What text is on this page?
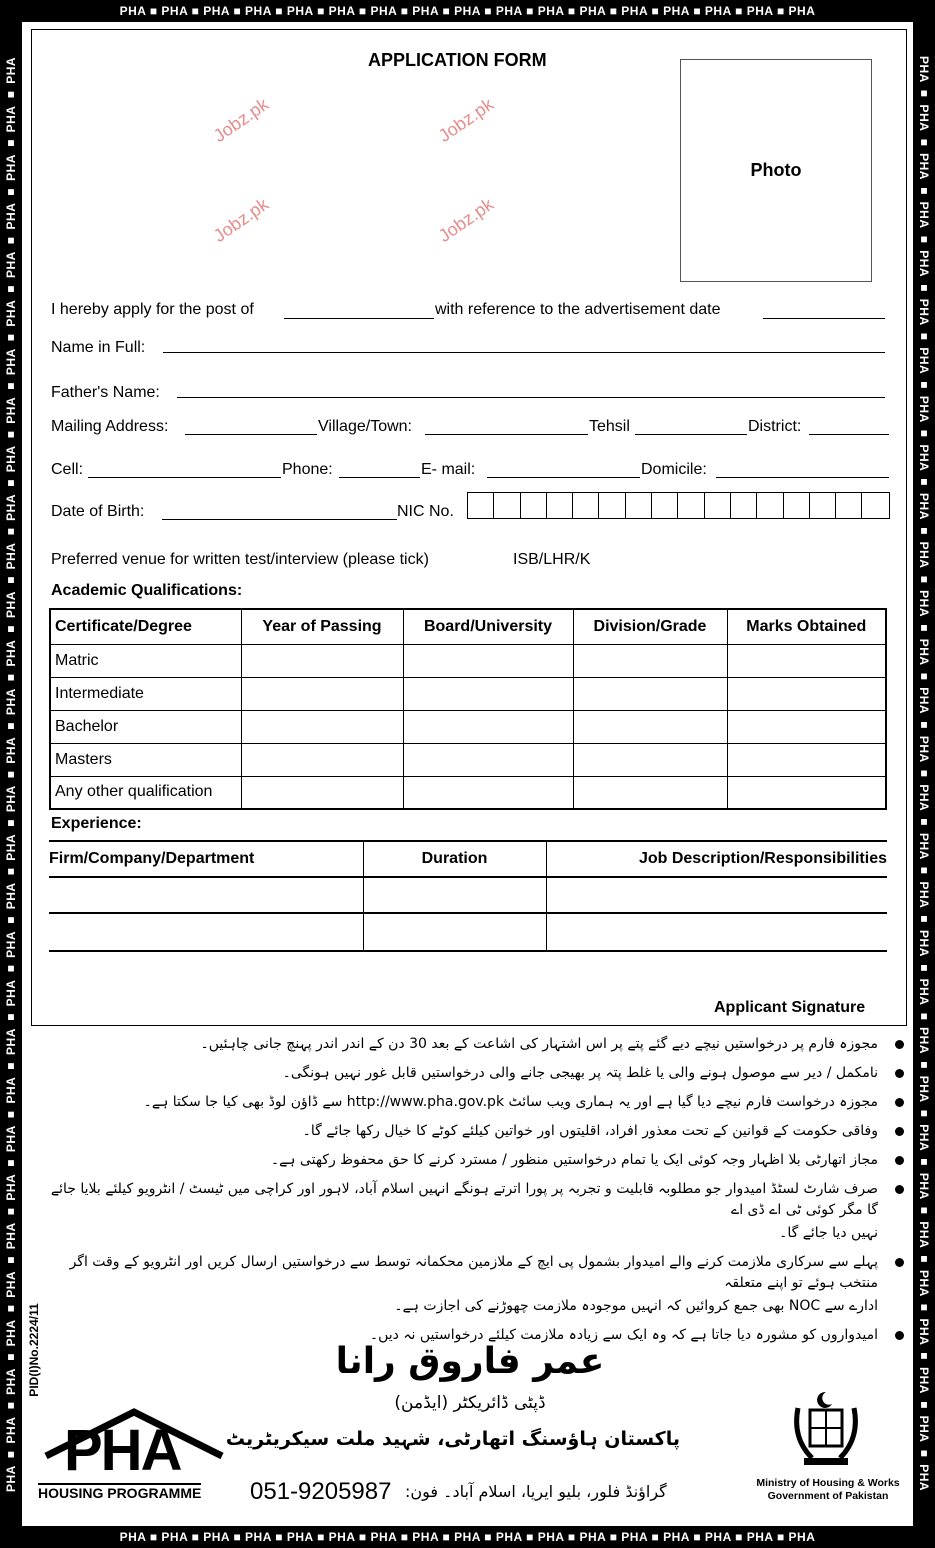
PHA ■ PHA ■ PHA ■ PHA ■ PHA ■ PHA ■ PHA ■ PHA ■ PHA ■ PHA ■ PHA ■ PHA ■ PHA ■ PHA ■ PHA ■ PHA ■ PHA
PHA ■ PHA ■ PHA ■ PHA ■ PHA ■ PHA ■ PHA ■ PHA ■ PHA ■ PHA ■ PHA ■ PHA ■ PHA ■ PHA ■ PHA ■ PHA ■ PHA
PHA ■ PHA ■ PHA ■ PHA ■ PHA ■ PHA ■ PHA ■ PHA ■ PHA ■ PHA ■ PHA ■ PHA ■ PHA ■ PHA ■ PHA ■ PHA ■ PHA ■ PHA ■ PHA ■ PHA ■ PHA ■ PHA ■ PHA ■ PHA ■ PHA ■ PHA ■ PHA ■ PHA ■ PHA ■ PHA	PHA ■ PHA ■ PHA ■ PHA ■ PHA ■ PHA ■ PHA ■ PHA ■ PHA ■ PHA ■ PHA ■ PHA ■ PHA ■ PHA ■ PHA ■ PHA ■ PHA ■ PHA ■ PHA ■ PHA ■ PHA ■ PHA ■ PHA ■ PHA ■ PHA ■ PHA ■ PHA ■ PHA ■ PHA ■ PHA
APPLICATION FORM
Photo
I hereby apply for the post of	with reference to the advertisement date
Name in Full:
Father's Name:
Mailing Address:	Village/Town:	Tehsil	District:
Cell:	Phone:	E- mail:	Domicile:
Date of Birth:	NIC No.
Preferred venue for written test/interview (please tick)	ISB/LHR/K
Academic Qualifications:
Certificate/Degree	Year of Passing	Board/University	Division/Grade	Marks Obtained
Matric				
Intermediate				
Bachelor				
Masters				
Any other qualification				
Experience:
Firm/Company/Department	Duration	Job Description/Responsibilities

Applicant Signature
مجوزہ فارم پر درخواستیں نیچے دیے گئے پتے پر اس اشتہار کی اشاعت کے بعد 30 دن کے اندر اندر پہنچ جانی چاہئیں۔
نامکمل / دیر سے موصول ہونے والی یا غلط پتہ پر بھیجی جانے والی درخواستیں قابل غور نہیں ہونگی۔
مجوزہ درخواست فارم نیچے دیا گیا ہے اور یہ ہماری ویب سائٹ http://www.pha.gov.pk سے ڈاؤن لوڈ بھی کیا جا سکتا ہے۔
وفاقی حکومت کے قوانین کے تحت معذور افراد، اقلیتوں اور خواتین کیلئے کوٹے کا خیال رکھا جائے گا۔
مجاز اتھارٹی بلا اظہار وجہ کوئی ایک یا تمام درخواستیں منظور / مسترد کرنے کا حق محفوظ رکھتی ہے۔
صرف شارٹ لسٹڈ امیدوار جو مطلوبہ قابلیت و تجربہ پر پورا اترتے ہونگے انہیں اسلام آباد، لاہور اور کراچی میں ٹیسٹ / انٹرویو کیلئے بلایا جائے گا مگر کوئی ٹی اے ڈی اے
نہیں دیا جائے گا۔
پہلے سے سرکاری ملازمت کرنے والے امیدوار بشمول پی ایچ کے ملازمین محکمانہ توسط سے درخواستیں ارسال کریں اور انٹرویو کے وقت اگر منتخب ہوئے تو اپنے متعلقہ
ادارے سے NOC بھی جمع کروائیں کہ انہیں موجودہ ملازمت چھوڑنے کی اجازت ہے۔
امیدواروں کو مشورہ دیا جاتا ہے کہ وہ ایک سے زیادہ ملازمت کیلئے درخواستیں نہ دیں۔
PID(I)No.2224/11	عمر فاروق رانا
ڈپٹی ڈائریکٹر (ایڈمن)
پاکستان ہاؤسنگ اتھارٹی، شہید ملت سیکریٹریٹ
051-9205987 گراؤنڈ فلور، بلیو ایریا، اسلام آباد۔ فون:
PHA
HOUSING PROGRAMME
Ministry of Housing & Works
Government of Pakistan
Jobz.pk	Jobz.pk
Jobz.pk	Jobz.pk
